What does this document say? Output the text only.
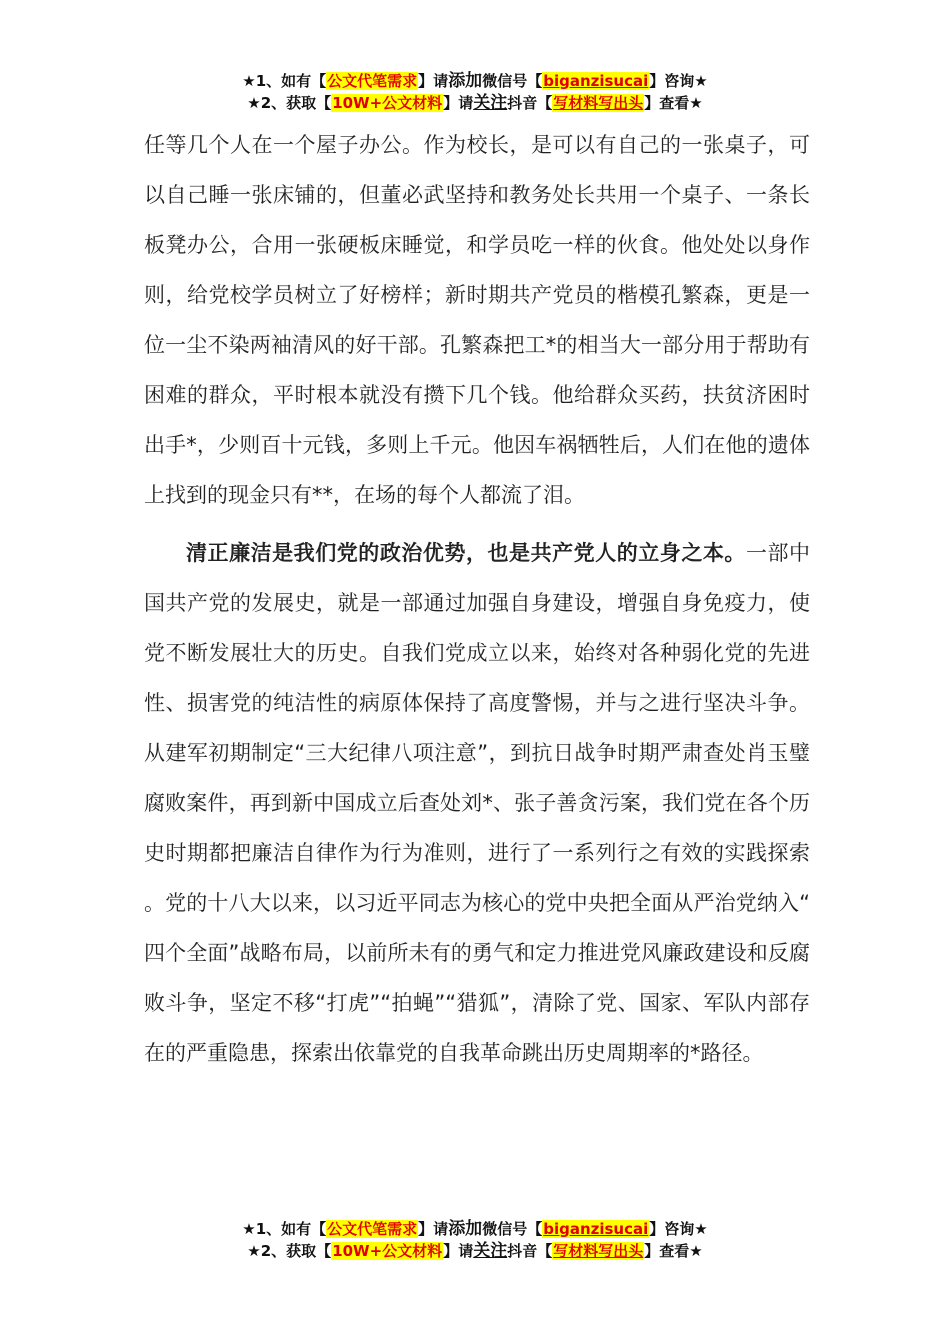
★1、如有【公文代笔需求】请添加微信号【biganzisucai】咨询★
★2、获取【10W+公文材料】请关注抖音【写材料写出头】查看★

任等几个人在一个屋子办公。作为校长，是可以有自己的一张桌子，可以自己睡一张床铺的，但董必武坚持和教务处长共用一个桌子、一条长板凳办公，合用一张硬板床睡觉，和学员吃一样的伙食。他处处以身作则，给党校学员树立了好榜样；新时期共产党员的楷模孔繁森，更是一位一尘不染两袖清风的好干部。孔繁森把工*的相当大一部分用于帮助有困难的群众，平时根本就没有攒下几个钱。他给群众买药，扶贫济困时出手*，少则百十元钱，多则上千元。他因车祸牺牲后，人们在他的遗体上找到的现金只有**，在场的每个人都流了泪。

清正廉洁是我们党的政治优势，也是共产党人的立身之本。一部中国共产党的发展史，就是一部通过加强自身建设，增强自身免疫力，使党不断发展壮大的历史。自我们党成立以来，始终对各种弱化党的先进性、损害党的纯洁性的病原体保持了高度警惕，并与之进行坚决斗争。从建军初期制定“三大纪律八项注意”，到抗日战争时期严肃查处肖玉璧腐败案件，再到新中国成立后查处刘*、张子善贪污案，我们党在各个历史时期都把廉洁自律作为行为准则，进行了一系列行之有效的实践探索。党的十八大以来，以习近平同志为核心的党中央把全面从严治党纳入“四个全面”战略布局，以前所未有的勇气和定力推进党风廉政建设和反腐败斗争，坚定不移“打虎”“拍蝇”“猎狐”，清除了党、国家、军队内部存在的严重隐患，探索出依靠党的自我革命跳出历史周期率的*路径。

★1、如有【公文代笔需求】请添加微信号【biganzisucai】咨询★
★2、获取【10W+公文材料】请关注抖音【写材料写出头】查看★
